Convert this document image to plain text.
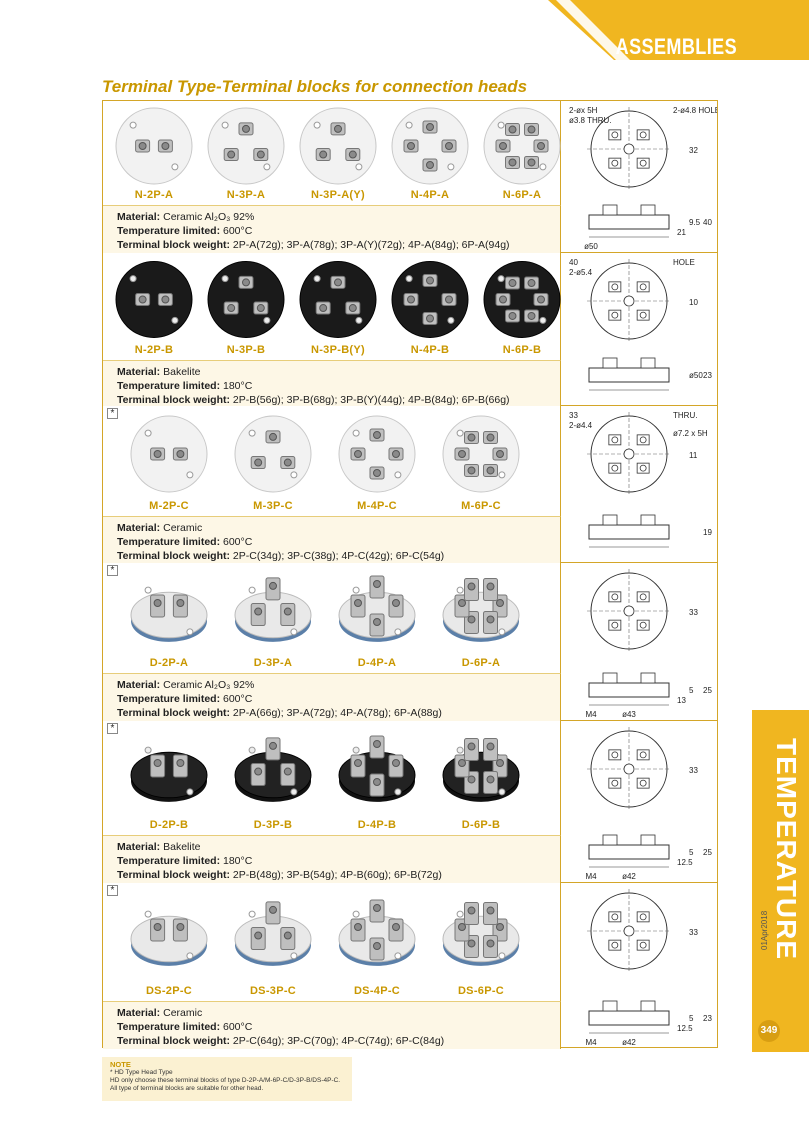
ASSEMBLIES
Terminal Type-Terminal blocks for connection heads
N-2P-A	N-3P-A	N-3P-A(Y)	N-4P-A	N-6P-A
Material: Ceramic Al₂O₃ 92%
Temperature limited: 600°C
Terminal block weight: 2P-A(72g); 3P-A(78g); 3P-A(Y)(72g); 4P-A(84g); 6P-A(94g)
2-øx 5H
ø3.8 THRU.
2-ø4.8 HOLE
32
40
9.5
21
ø50
N-2P-B	N-3P-B	N-3P-B(Y)	N-4P-B	N-6P-B
Material: Bakelite
Temperature limited: 180°C
Terminal block weight: 2P-B(56g); 3P-B(68g); 3P-B(Y)(44g); 4P-B(84g); 6P-B(66g)
40
2-ø5.4
HOLE
10
23
ø50
*
M-2P-C	M-3P-C	M-4P-C	M-6P-C
Material: Ceramic
Temperature limited: 600°C
Terminal block weight: 2P-C(34g); 3P-C(38g); 4P-C(42g); 6P-C(54g)
33
2-ø4.4
THRU.
ø7.2 x 5H
11
19
*
D-2P-A	D-3P-A	D-4P-A	D-6P-A
Material: Ceramic Al₂O₃ 92%
Temperature limited: 600°C
Terminal block weight: 2P-A(66g); 3P-A(72g); 4P-A(78g); 6P-A(88g)
33
25
5
13
M4	ø43
*
D-2P-B	D-3P-B	D-4P-B	D-6P-B
Material: Bakelite
Temperature limited: 180°C
Terminal block weight: 2P-B(48g); 3P-B(54g); 4P-B(60g); 6P-B(72g)
33
25
5
12.5
M4	ø42
*
DS-2P-C	DS-3P-C	DS-4P-C	DS-6P-C
Material: Ceramic
Temperature limited: 600°C
Terminal block weight: 2P-C(64g); 3P-C(70g); 4P-C(74g); 6P-C(84g)
33
23
5
12.5
M4	ø42
TEMPERATURE
01Apr2018
349
NOTE
* HD Type Head Type
HD only choose these terminal blocks of type D-2P-A/M-6P-C/D-3P-B/DS-4P-C.
All type of terminal blocks are suitable for other head.
